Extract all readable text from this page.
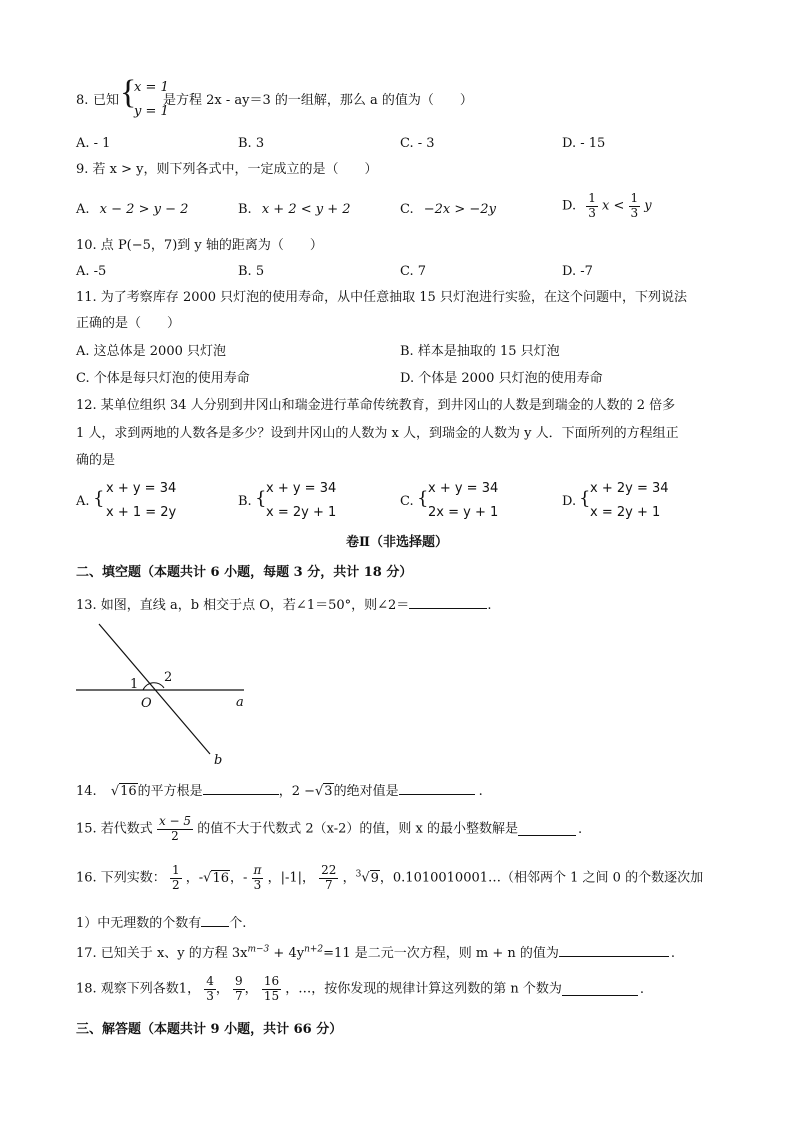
8. 已知 {
x = 1
y = 1
是方程 2x - ay＝3 的一组解，那么 a 的值为（　　）
A. - 1	B. 3	C. - 3	D. - 15
9. 若 x > y，则下列各式中，一定成立的是（　　）
A. x − 2 > y − 2	B. x + 2 < y + 2	C. −2x > −2y	D. $\frac{1}{3}$ $x < \frac{1}{3}$ y
10. 点 P(−5，7)到 y 轴的距离为（　　）
A. -5	B. 5	C. 7	D. -7
11. 为了考察库存 2000 只灯泡的使用寿命，从中任意抽取 15 只灯泡进行实验，在这个问题中，下列说法
正确的是（　　）
A. 这总体是 2000 只灯泡	B. 样本是抽取的 15 只灯泡
C. 个体是每只灯泡的使用寿命	D. 个体是 2000 只灯泡的使用寿命
12. 某单位组织 34 人分别到井冈山和瑞金进行革命传统教育，到井冈山的人数是到瑞金的人数的 2 倍多
1 人，求到两地的人数各是多少？设到井冈山的人数为 x 人，到瑞金的人数为 y 人．下面所列的方程组正
确的是
A. { x + y = 34
x + 1 = 2y
B. { x + y = 34
x = 2y + 1
C. { x + y = 34
2x = y + 1
D. { x + 2y = 34
x = 2y + 1
卷Ⅱ（非选择题）
二、填空题（本题共计 6 小题，每题 3 分，共计 18 分）
13. 如图，直线 a，b 相交于点 O，若∠1＝50°，则∠2＝	.
1 2
O	a
b
14. √16的平方根是	，2 −√3的绝对值是	.
15. 若代数式 $\frac{x - 5}{2}$ 的值不大于代数式 2（x-2）的值，则 x 的最小整数解是	.
16. 下列实数： $\frac{1}{2}$ ，-√16，- $\frac{\pi}{3}$ ，|-1|， $\frac{22}{7}$ ，$^3$√9，0.1010010001…（相邻两个 1 之间 0 的个数逐次加
1）中无理数的个数有 个.
17. 已知关于 x、y 的方程 $3x^{m-3} + 4y^{n+2}=11$ 是二元一次方程，则 m + n 的值为	.
18. 观察下列各数1， $\frac{4}{3}$ ， $\frac{9}{7}$ ， $\frac{16}{15}$ ，…，按你发现的规律计算这列数的第 n 个数为	.
三、解答题（本题共计 9 小题，共计 66 分）
